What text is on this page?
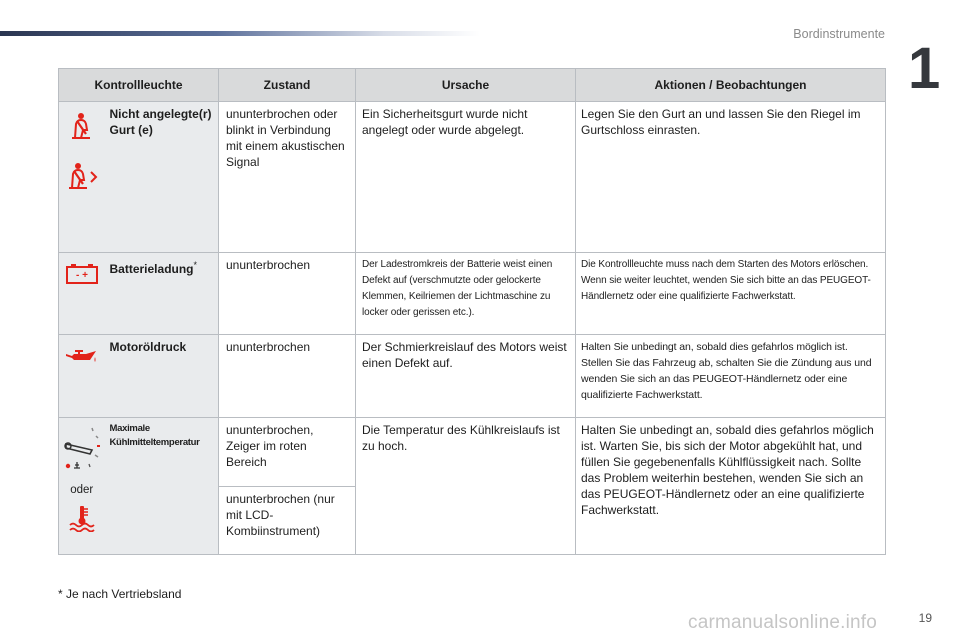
Bordinstrumente
1
Kontrollleuchte		Zustand	Ursache	Aktionen / Beobachtungen

	Nicht angelegte(r) Gurt (e)	ununterbrochen oder blinkt in Verbindung mit einem akustischen Signal	Ein Sicherheitsgurt wurde nicht angelegt oder wurde abgelegt.	Legen Sie den Gurt an und lassen Sie den Riegel im Gurtschloss einrasten.

- +	Batterieladung*	ununterbrochen	Der Ladestromkreis der Batterie weist einen Defekt auf (verschmutzte oder gelockerte Klemmen, Keilriemen der Lichtmaschine zu locker oder gerissen etc.).	Die Kontrollleuchte muss nach dem Starten des Motors erlöschen. Wenn sie weiter leuchtet, wenden Sie sich bitte an das PEUGEOT-Händlernetz oder eine qualifizierte Fachwerkstatt.

	Motoröldruck	ununterbrochen	Der Schmierkreislauf des Motors weist einen Defekt auf.	Halten Sie unbedingt an, sobald dies gefahrlos möglich ist. Stellen Sie das Fahrzeug ab, schalten Sie die Zündung aus und wenden Sie sich an das PEUGEOT-Händlernetz oder eine qualifizierte Fachwerkstatt.

oder	Maximale Kühlmitteltemperatur	ununterbrochen, Zeiger im roten Bereich	Die Temperatur des Kühlkreislaufs ist zu hoch.	Halten Sie unbedingt an, sobald dies gefahrlos möglich ist. Warten Sie, bis sich der Motor abgekühlt hat, und füllen Sie gegebenenfalls Kühlflüssigkeit nach. Sollte das Problem weiterhin bestehen, wenden Sie sich an das PEUGEOT-Händlernetz oder an eine qualifizierte Fachwerkstatt.
		ununterbrochen (nur mit LCD-Kombiinstrument)		
* Je nach Vertriebsland
carmanualsonline.info	19
